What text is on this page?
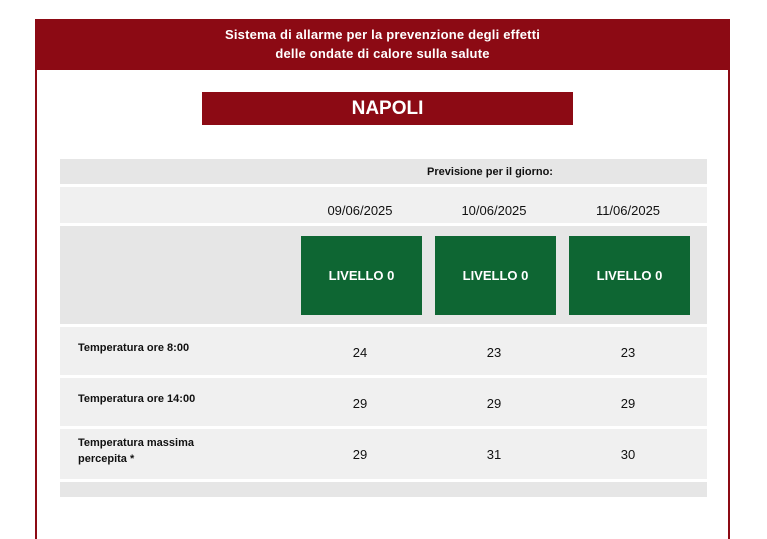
Sistema di allarme per la prevenzione degli effetti
delle ondate di calore sulla salute
NAPOLI
Previsione per il giorno:
09/06/2025	10/06/2025	11/06/2025
LIVELLO 0	LIVELLO 0	LIVELLO 0
Temperatura ore 8:00	24	23	23
Temperatura ore 14:00	29	29	29
Temperatura massima
percepita *	29	31	30
